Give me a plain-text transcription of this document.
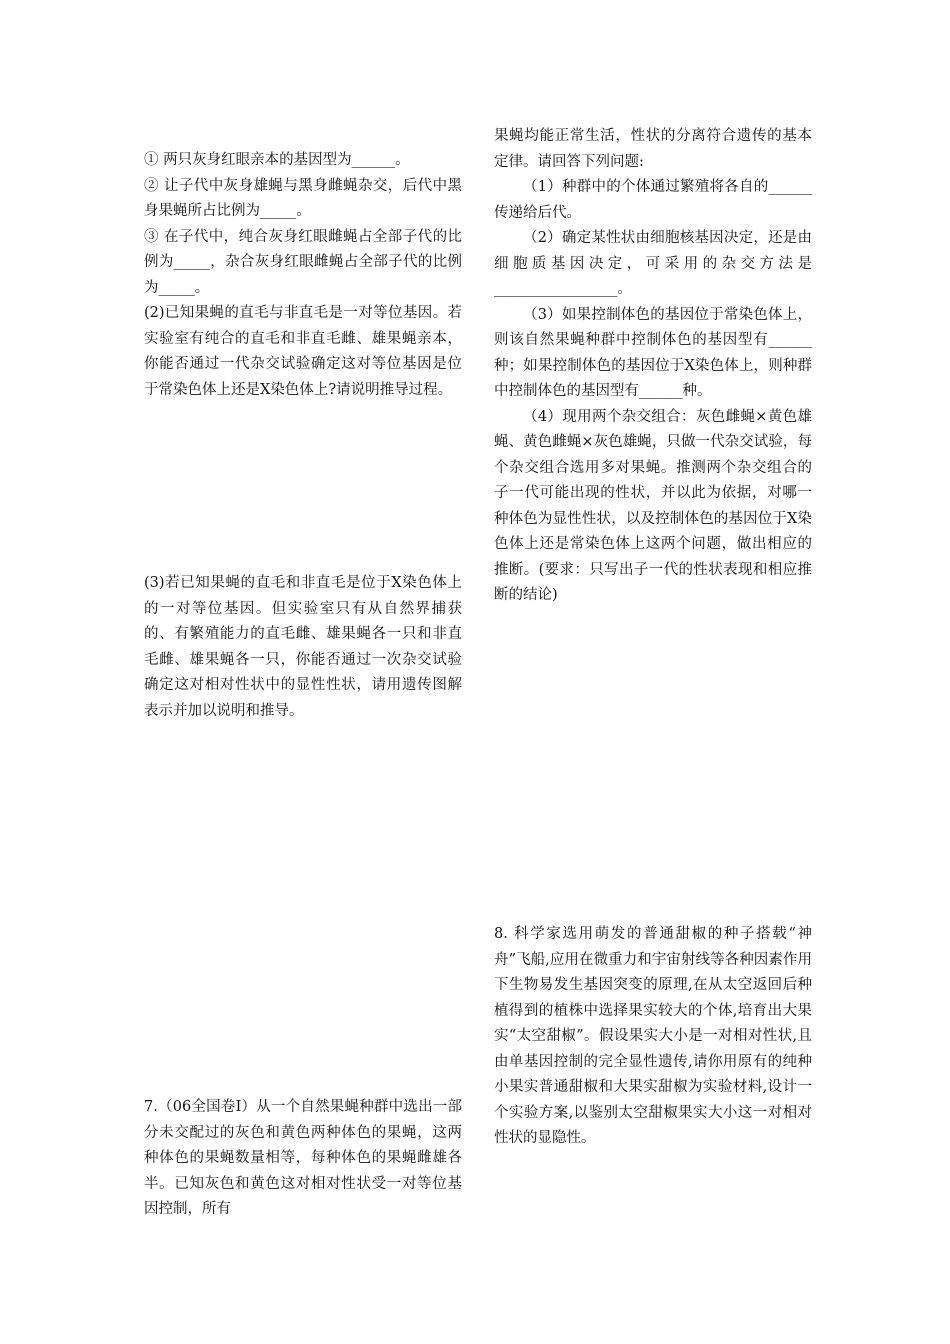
① 两只灰身红眼亲本的基因型为______。

② 让子代中灰身雄蝇与黑身雌蝇杂交，后代中黑身果蝇所占比例为_____。

③ 在子代中，纯合灰身红眼雌蝇占全部子代的比例为_____，杂合灰身红眼雌蝇占全部子代的比例为_____。

(2)已知果蝇的直毛与非直毛是一对等位基因。若实验室有纯合的直毛和非直毛雌、雄果蝇亲本，你能否通过一代杂交试验确定这对等位基因是位于常染色体上还是X染色体上?请说明推导过程。

(3)若已知果蝇的直毛和非直毛是位于X染色体上的一对等位基因。但实验室只有从自然界捕获的、有繁殖能力的直毛雌、雄果蝇各一只和非直毛雌、雄果蝇各一只，你能否通过一次杂交试验确定这对相对性状中的显性性状，请用遗传图解表示并加以说明和推导。

7.（06全国卷Ⅰ）从一个自然果蝇种群中选出一部分未交配过的灰色和黄色两种体色的果蝇，这两种体色的果蝇数量相等，每种体色的果蝇雌雄各半。已知灰色和黄色这对相对性状受一对等位基因控制，所有

果蝇均能正常生活，性状的分离符合遗传的基本定律。请回答下列问题:

（1）种群中的个体通过繁殖将各自的______传递给后代。

（2）确定某性状由细胞核基因决定，还是由细胞质基因决定，可采用的杂交方法是_________________。

（3）如果控制体色的基因位于常染色体上，则该自然果蝇种群中控制体色的基因型有______种；如果控制体色的基因位于X染色体上，则种群中控制体色的基因型有______种。

（4）现用两个杂交组合：灰色雌蝇×黄色雄蝇、黄色雌蝇×灰色雄蝇，只做一代杂交试验，每个杂交组合选用多对果蝇。推测两个杂交组合的子一代可能出现的性状，并以此为依据，对哪一种体色为显性性状，以及控制体色的基因位于X染色体上还是常染色体上这两个问题，做出相应的推断。(要求：只写出子一代的性状表现和相应推断的结论)

8. 科学家选用萌发的普通甜椒的种子搭载“神舟”飞船,应用在微重力和宇宙射线等各种因素作用下生物易发生基因突变的原理,在从太空返回后种植得到的植株中选择果实较大的个体,培育出大果实“太空甜椒”。假设果实大小是一对相对性状,且由单基因控制的完全显性遗传,请你用原有的纯种小果实普通甜椒和大果实甜椒为实验材料,设计一个实验方案,以鉴别太空甜椒果实大小这一对相对性状的显隐性。
